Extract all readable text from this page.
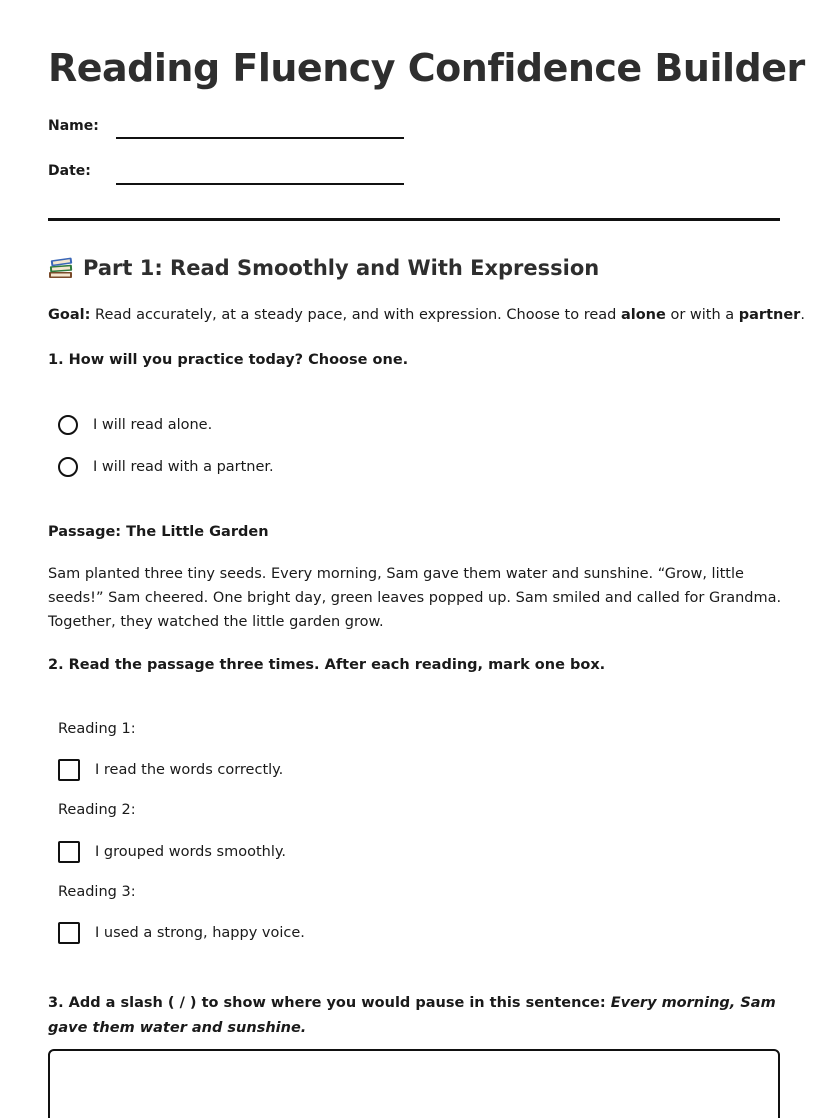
Reading Fluency Confidence Builder
Name:
Date:
Part 1: Read Smoothly and With Expression
Goal: Read accurately, at a steady pace, and with expression. Choose to read alone or with a partner.
1. How will you practice today? Choose one.
I will read alone.
I will read with a partner.
Passage: The Little Garden

Sam planted three tiny seeds. Every morning, Sam gave them water and sunshine. “Grow, little seeds!” Sam cheered. One bright day, green leaves popped up. Sam smiled and called for Grandma. Together, they watched the little garden grow.

2. Read the passage three times. After each reading, mark one box.
Reading 1:
I read the words correctly.
Reading 2:
I grouped words smoothly.
Reading 3:
I used a strong, happy voice.

3. Add a slash ( / ) to show where you would pause in this sentence: Every morning, Sam gave them water and sunshine.
